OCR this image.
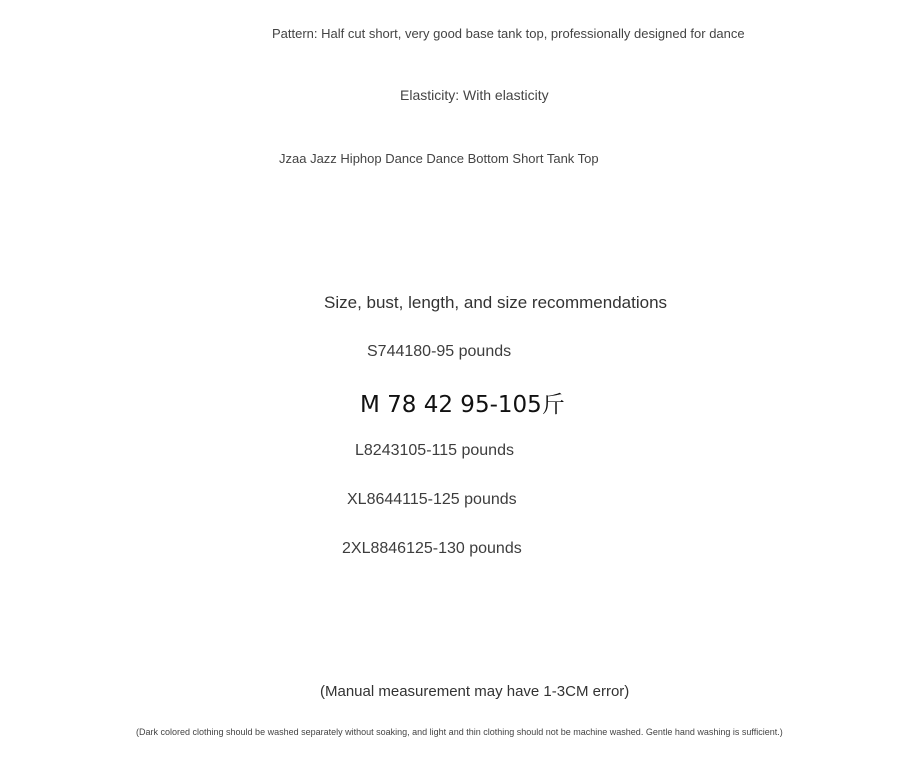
Pattern: Half cut short, very good base tank top, professionally designed for dance
Elasticity: With elasticity
Jzaa Jazz Hiphop Dance Dance Bottom Short Tank Top
Size, bust, length, and size recommendations
S744180-95 pounds
M 78 42 95-105斤
L8243105-115 pounds
XL8644115-125 pounds
2XL8846125-130 pounds
(Manual measurement may have 1-3CM error)
(Dark colored clothing should be washed separately without soaking, and light and thin clothing should not be machine washed. Gentle hand washing is sufficient.)
